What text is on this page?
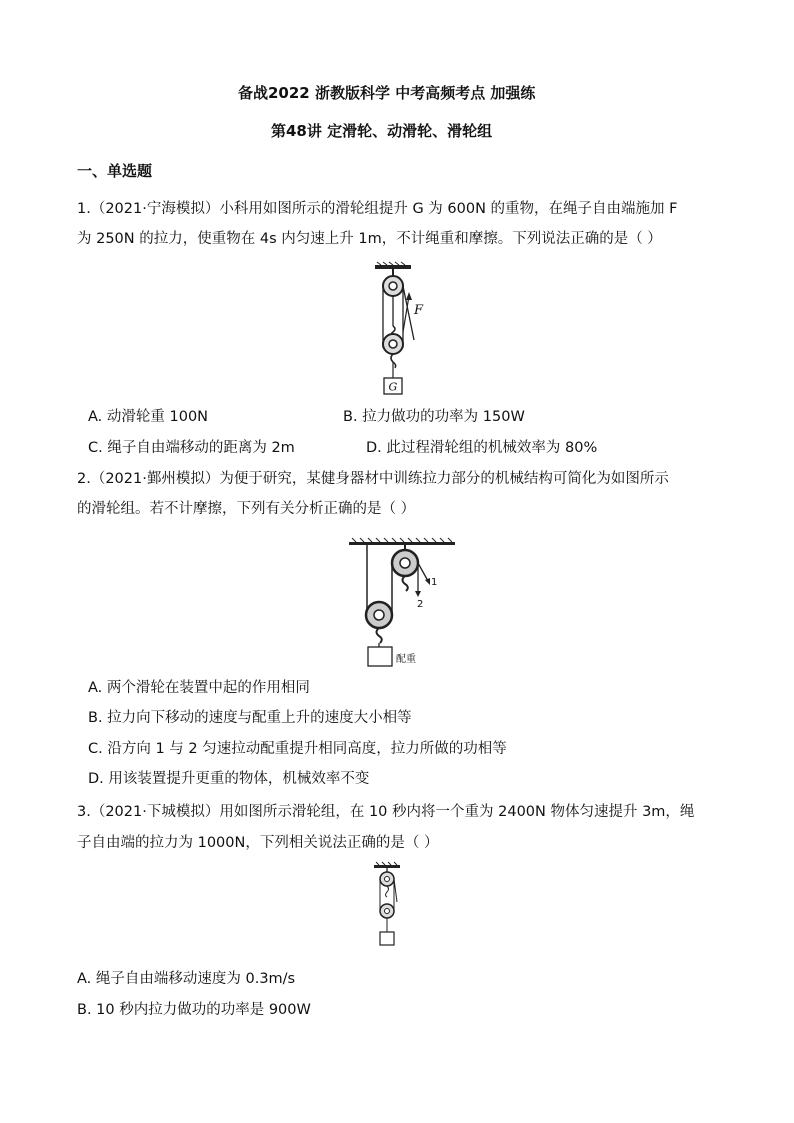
备战2022 浙教版科学 中考高频考点 加强练
第48讲 定滑轮、动滑轮、滑轮组
一、单选题
1.（2021·宁海模拟）小科用如图所示的滑轮组提升 G 为 600N 的重物，在绳子自由端施加 F
为 250N 的拉力，使重物在 4s 内匀速上升 1m，不计绳重和摩擦。下列说法正确的是（ ）
F
G
A. 动滑轮重 100N	B. 拉力做功的功率为 150W
C. 绳子自由端移动的距离为 2m	D. 此过程滑轮组的机械效率为 80%
2.（2021·鄞州模拟）为便于研究，某健身器材中训练拉力部分的机械结构可简化为如图所示
的滑轮组。若不计摩擦，下列有关分析正确的是（ ）
1
2
配重
A. 两个滑轮在装置中起的作用相同
B. 拉力向下移动的速度与配重上升的速度大小相等
C. 沿方向 1 与 2 匀速拉动配重提升相同高度，拉力所做的功相等
D. 用该装置提升更重的物体，机械效率不变
3.（2021·下城模拟）用如图所示滑轮组，在 10 秒内将一个重为 2400N 物体匀速提升 3m，绳
子自由端的拉力为 1000N，下列相关说法正确的是（ ）
A. 绳子自由端移动速度为 0.3m/s
B. 10 秒内拉力做功的功率是 900W
